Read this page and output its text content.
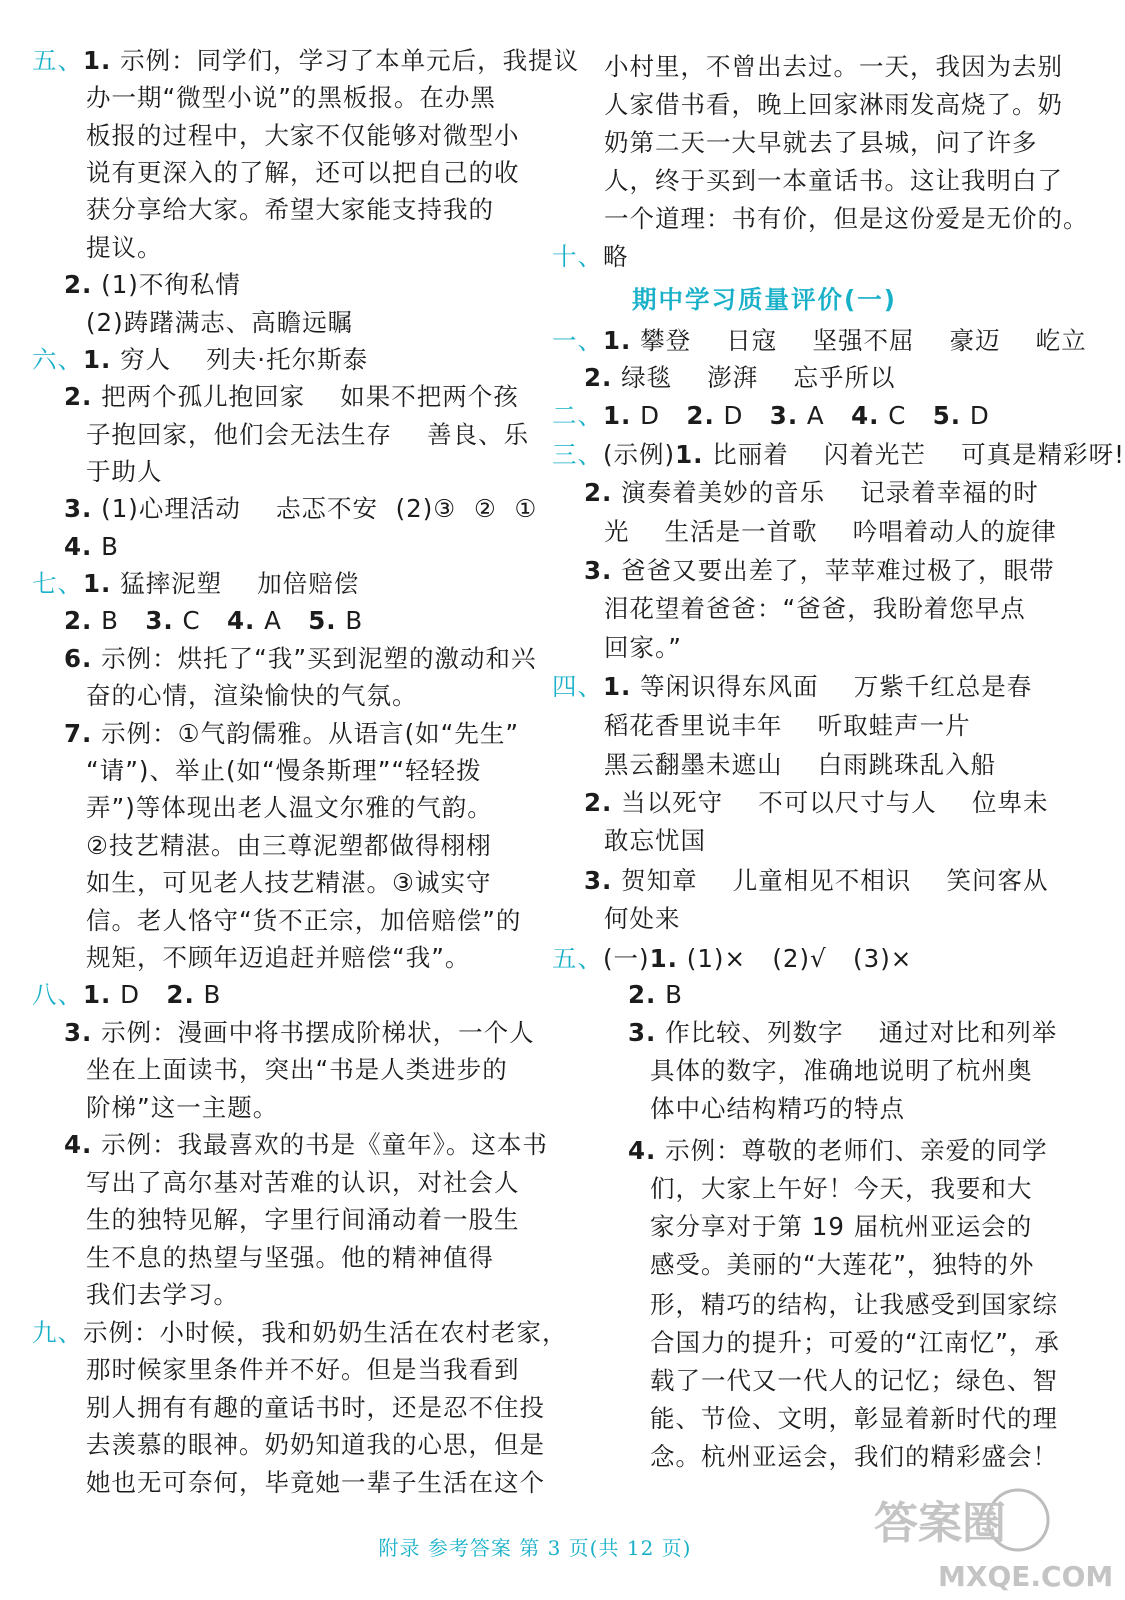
五、1. 示例：同学们，学习了本单元后，我提议
办一期“微型小说”的黑板报。在办黑
板报的过程中，大家不仅能够对微型小
说有更深入的了解，还可以把自己的收
获分享给大家。希望大家能支持我的
提议。
2. (1)不徇私情
(2)踌躇满志、高瞻远瞩
六、1. 穷人    列夫·托尔斯泰
2. 把两个孤儿抱回家    如果不把两个孩
子抱回家，他们会无法生存    善良、乐
于助人
3. (1)心理活动    忐忑不安  (2)③  ②  ①
4. B
七、1. 猛摔泥塑    加倍赔偿
2. B   3. C   4. A   5. B
6. 示例：烘托了“我”买到泥塑的激动和兴
奋的心情，渲染愉快的气氛。
7. 示例：①气韵儒雅。从语言(如“先生”
“请”)、举止(如“慢条斯理”“轻轻拨
弄”)等体现出老人温文尔雅的气韵。
②技艺精湛。由三尊泥塑都做得栩栩
如生，可见老人技艺精湛。③诚实守
信。老人恪守“货不正宗，加倍赔偿”的
规矩，不顾年迈追赶并赔偿“我”。
八、1. D   2. B
3. 示例：漫画中将书摆成阶梯状，一个人
坐在上面读书，突出“书是人类进步的
阶梯”这一主题。
4. 示例：我最喜欢的书是《童年》。这本书
写出了高尔基对苦难的认识，对社会人
生的独特见解，字里行间涌动着一股生
生不息的热望与坚强。他的精神值得
我们去学习。
九、示例：小时候，我和奶奶生活在农村老家，
那时候家里条件并不好。但是当我看到
别人拥有有趣的童话书时，还是忍不住投
去羡慕的眼神。奶奶知道我的心思，但是
她也无可奈何，毕竟她一辈子生活在这个
小村里，不曾出去过。一天，我因为去别
人家借书看，晚上回家淋雨发高烧了。奶
奶第二天一大早就去了县城，问了许多
人，终于买到一本童话书。这让我明白了
一个道理：书有价，但是这份爱是无价的。
十、略
期中学习质量评价(一)
一、1. 攀登    日寇    坚强不屈    豪迈    屹立
2. 绿毯    澎湃    忘乎所以
二、1. D   2. D   3. A   4. C   5. D
三、(示例)1. 比丽着    闪着光芒    可真是精彩呀!
2. 演奏着美妙的音乐    记录着幸福的时
光    生活是一首歌    吟唱着动人的旋律
3. 爸爸又要出差了，苹苹难过极了，眼带
泪花望着爸爸：“爸爸，我盼着您早点
回家。”
四、1. 等闲识得东风面    万紫千红总是春
稻花香里说丰年    听取蛙声一片
黑云翻墨未遮山    白雨跳珠乱入船
2. 当以死守    不可以尺寸与人    位卑未
敢忘忧国
3. 贺知章    儿童相见不相识    笑问客从
何处来
五、(一)1. (1)×   (2)√   (3)×
2. B
3. 作比较、列数字    通过对比和列举
具体的数字，准确地说明了杭州奥
体中心结构精巧的特点
4. 示例：尊敬的老师们、亲爱的同学
们，大家上午好！今天，我要和大
家分享对于第 19 届杭州亚运会的
感受。美丽的“大莲花”，独特的外
形，精巧的结构，让我感受到国家综
合国力的提升；可爱的“江南忆”，承
载了一代又一代人的记忆；绿色、智
能、节俭、文明，彰显着新时代的理
念。杭州亚运会，我们的精彩盛会！
附录 参考答案 第 3 页(共 12 页)	答案圈
MXQE.COM
